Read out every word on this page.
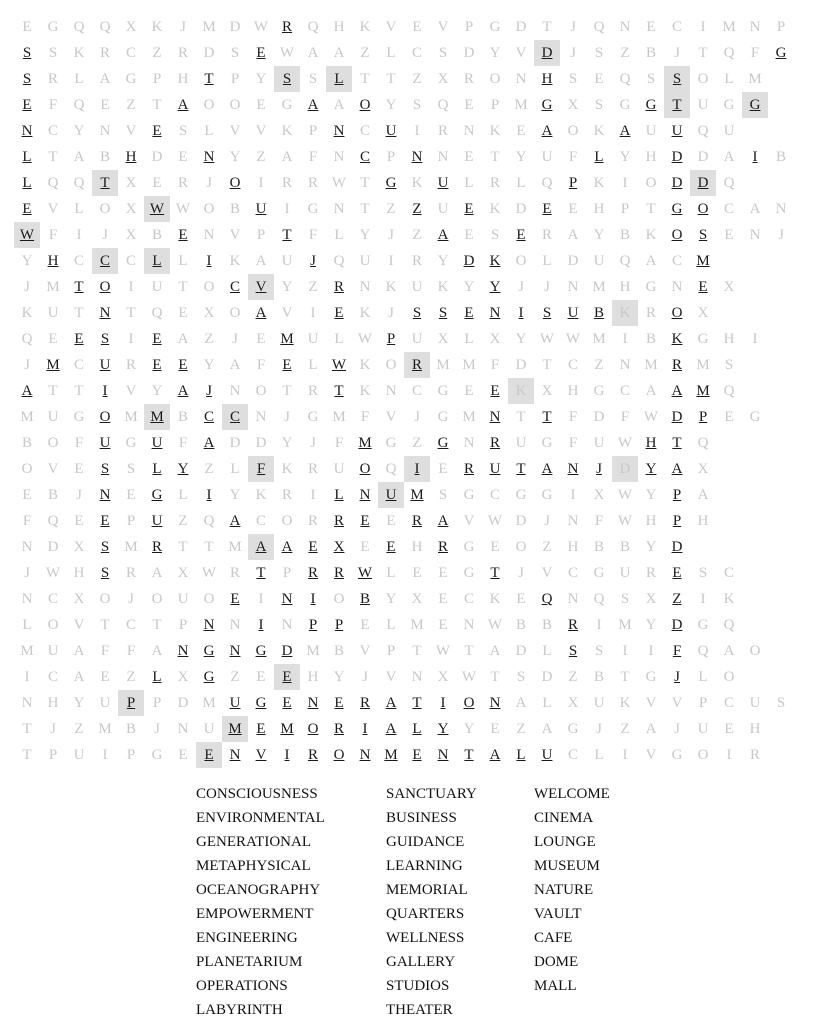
E	G	Q	Q	X	K	J	M D W R	Q	H	K	V	E	V	P	G	D	T	J	Q	N	E	C	I	M N	P
S	S	K	R	C	Z	R	D	S	E W A	A	Z	L	C	S	D	Y	V	D	J	S	Z	B	J	T	Q	F	G
S	R	L	A	G	P	H	T	P	Y	S	S	L	T	T	Z	X	R	O	N	H	S	E	Q	S	S	O	L M
E	F	Q	E	Z	T	A	O	O	E	G	A	A	O	Y	S	Q	E	P	M G	X	S	G	G	T	U	G	G
N	C	Y	N	V	E	S	L	V	V	K	P	N	C	U	I	R	N	K	E	A	O	K	A	U	U	Q	U
L	T	A	B	H	D	E	N	Y	Z	A	F	N	C	P	N	N	E	T	Y	U	F	L	Y	H	D	D	A	I	B
L	Q	Q	T	X	E	R	J	O	I	R	R W T	G	K	U	L	R	L	Q	P	K	I	O	D	D	Q
E	V	L	O	X W W O	B	U	I	G	N	T	Z	Z	U	E	K	D	E	E	H	P	T	G	O	C	A	N
W F	I	J	X	B	E	N	V	P	T	F	L	Y	J	Z	A	E	S	E	R	A	Y	B	K	O	S	E	N	J
Y	H	C	C	C	L	L	I	K	A	U	J	Q	U	I	R	Y	D	K	O	L	D	U	Q	A	C M
J	M T	O	I	U	T	O	C	V	Y	Z	R	N	K	U	K	Y	Y	J	J	N M H	G	N	E	X
K	U	T	N	T	Q	E	X	O	A	V	I	E	K	J	S	S	E	N	I	S	U	B	K	R	O	X
Q	E	E	S	I	E	A	Z	J	E M U	L W P	U	X	L	X	Y W W M	I	B	K	G	H	I
J	M C	U	R	E	E	Y	A	F	E	L W K	O	R M M	F	D	T	C	Z	N M R M	S
A	T	T	I	V	Y	A	J	N	O	T	R	T	K	N	C	G	E	E	K	X	H	G	C	A	A M Q
M U	G	O M M B	C	C	N	J	G M	F	V	J	G M N	T	T	F	D	F W D	P	E	G
B	O	F	U	G	U	F	A	D	D	Y	J	F	M G	Z	G	N	R	U	G	F	U W H	T	Q
O	V	E	S	S	L	Y	Z	L	F	K	R	U	O	Q	I	E	R	U	T	A	N	J	D	Y	A	X
E	B	J	N	E	G	L	I	Y	K	R	I	L	N	U M	S	G	C	G	G	I	X W Y	P	A
F	Q	E	E	P	U	Z	Q	A	C	O	R	R	E	E	R	A	V W D	J	N	F W H	P	H
N	D	X	S	M R	T	T M A	A	E	X	E	E	H	R	G	E	O	Z	H	B	B	Y	D
J	W H	S	R	A	X W R	T	P	R	R W L	E	E	G	T	J	V	C	G	U	R	E	S	C
N	C	X	O	J	O	U	O	E	I	N	I	O	B	Y	X	E	C	K	E	Q	N	Q	S	X	Z	I	K
L	O	V	T	C	T	P	N	N	I	N	P	P	E	L M E	N W B	B	R	I	M Y	D	G	Q
M U	A	F	F	A	N	G	N	G	D M B	V	P	T W T	A	D	L	S	S	I	I	F	Q	A	O
I	C	A	E	Z	L	X	G	Z	E	E	H	Y	J	V	N	X W T	S	D	Z	B	T	G	J	L	O
N	H	Y	U	P	P	D M U	G	E	N	E	R	A	T	I	O	N	A	L	X	U	K	V	V	P	C	U	S
T	J	Z M B	J	N	U M E M O	R	I	A	L	Y	Y	E	Z	A	G	J	Z	A	J	U	E	H
T	P	U	I	P	G	E	E	N	V	I	R	O	N M E	N	T	A	L	U	C	L	I	V	G	O	I	R
CONSCIOUSNESS
ENVIRONMENTAL
GENERATIONAL
METAPHYSICAL
OCEANOGRAPHY
EMPOWERMENT
ENGINEERING
PLANETARIUM
OPERATIONS
LABYRINTH
SANCTUARY
BUSINESS
GUIDANCE
LEARNING
MEMORIAL
QUARTERS
WELLNESS
GALLERY
STUDIOS
THEATER
WELCOME
CINEMA
LOUNGE
MUSEUM
NATURE
VAULT
CAFE
DOME
MALL
